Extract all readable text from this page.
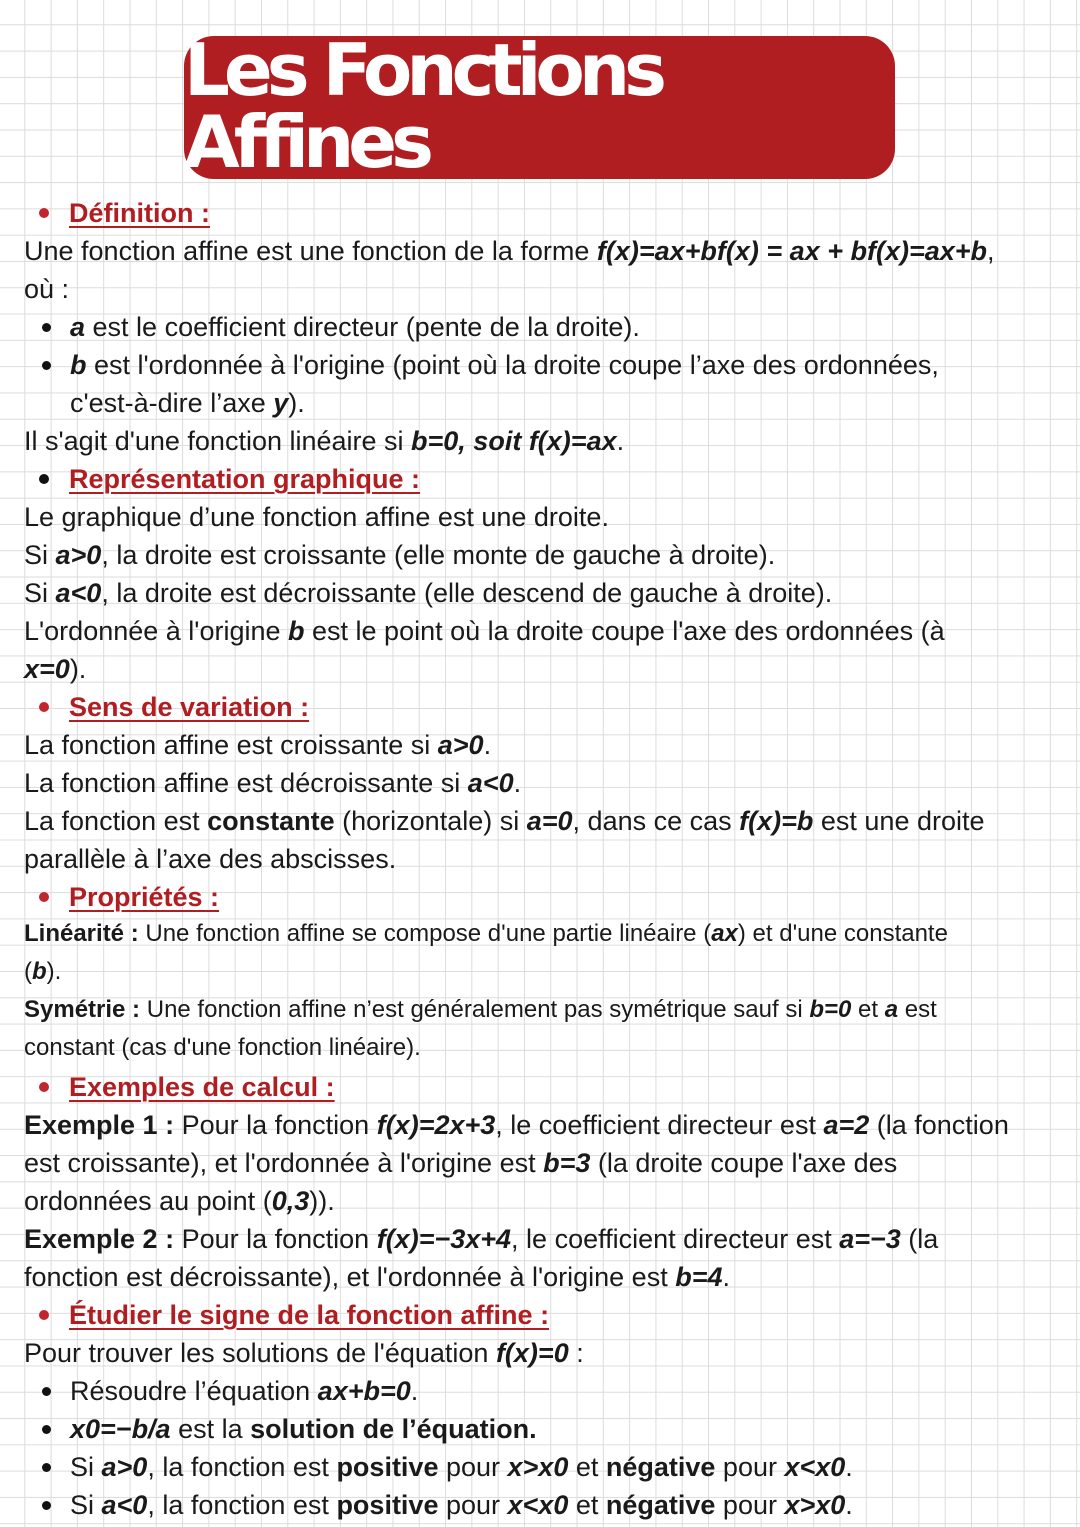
Les Fonctions Affines
Définition :
Une fonction affine est une fonction de la forme f(x)=ax+bf(x) = ax + bf(x)=ax+b,
où :
a est le coefficient directeur (pente de la droite).
b est l'ordonnée à l'origine (point où la droite coupe l’axe des ordonnées,
c'est-à-dire l’axe y).
Il s'agit d'une fonction linéaire si b=0, soit f(x)=ax.
Représentation graphique :
Le graphique d’une fonction affine est une droite.
Si a>0, la droite est croissante (elle monte de gauche à droite).
Si a<0, la droite est décroissante (elle descend de gauche à droite).
L'ordonnée à l'origine b est le point où la droite coupe l'axe des ordonnées (à
x=0).
Sens de variation :
La fonction affine est croissante si a>0.
La fonction affine est décroissante si a<0.
La fonction est constante (horizontale) si a=0, dans ce cas f(x)=b est une droite
parallèle à l’axe des abscisses.
Propriétés :
Linéarité : Une fonction affine se compose d'une partie linéaire (ax) et d'une constante
(b).
Symétrie : Une fonction affine n’est généralement pas symétrique sauf si b=0 et a est
constant (cas d'une fonction linéaire).
Exemples de calcul :
Exemple 1 : Pour la fonction f(x)=2x+3, le coefficient directeur est a=2 (la fonction
est croissante), et l'ordonnée à l'origine est b=3 (la droite coupe l'axe des
ordonnées au point (0,3)).
Exemple 2 : Pour la fonction f(x)=−3x+4, le coefficient directeur est a=−3 (la
fonction est décroissante), et l'ordonnée à l'origine est b=4.
Étudier le signe de la fonction affine :
Pour trouver les solutions de l'équation f(x)=0 :
Résoudre l’équation ax+b=0.
x0=−b/a est la solution de l’équation.
Si a>0, la fonction est positive pour x>x0 et négative pour x<x0.
Si a<0, la fonction est positive pour x<x0 et négative pour x>x0.
